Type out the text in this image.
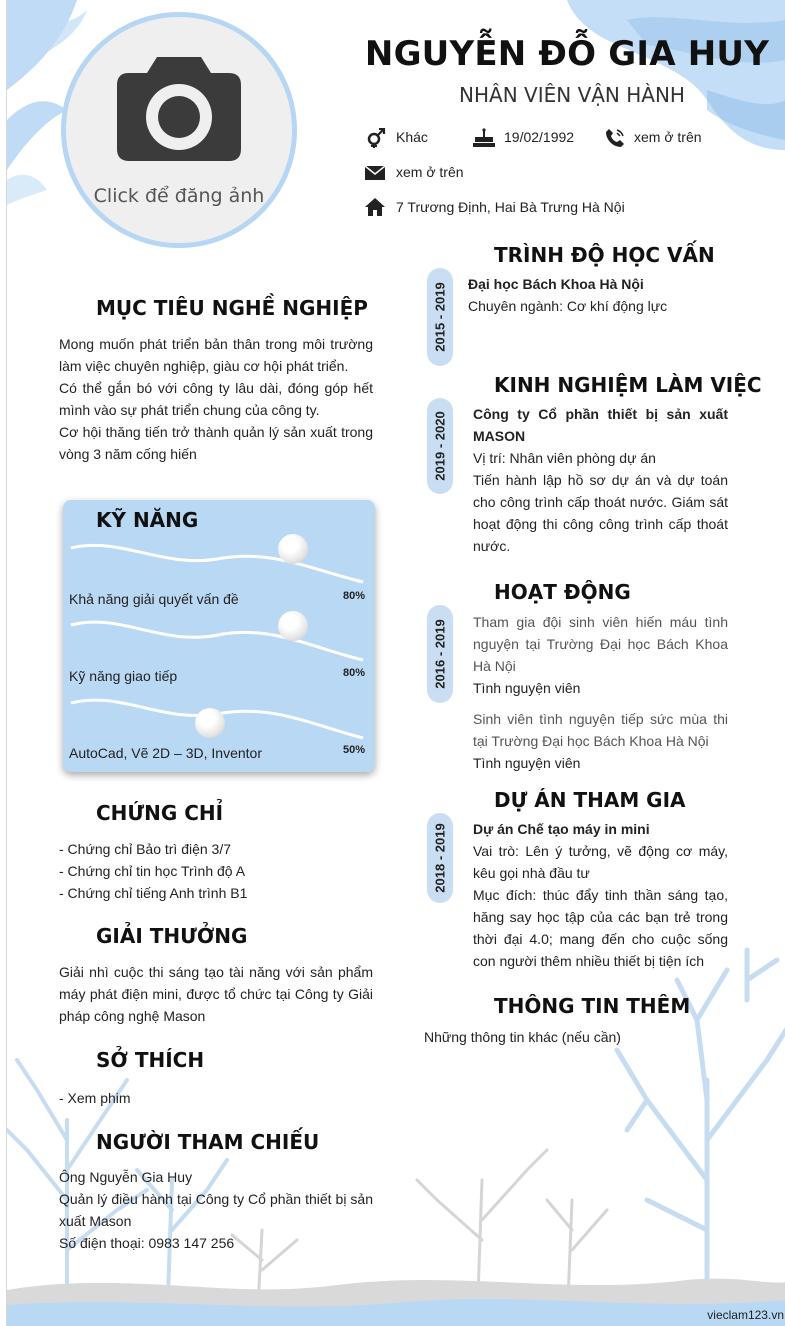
Click để đăng ảnh
NGUYỄN ĐỖ GIA HUY
NHÂN VIÊN VẬN HÀNH
Khác	19/02/1992	xem ở trên
xem ở trên
7 Trương Định, Hai Bà Trưng Hà Nội
MỤC TIÊU NGHỀ NGHIỆP
Mong muốn phát triển bản thân trong môi trường làm việc chuyên nghiệp, giàu cơ hội phát triển.
Có thể gắn bó với công ty lâu dài, đóng góp hết mình vào sự phát triển chung của công ty.
Cơ hội thăng tiến trở thành quản lý sản xuất trong vòng 3 năm cống hiến
KỸ NĂNG
Khả năng giải quyết vấn đề	80%
Kỹ năng giao tiếp	80%
AutoCad, Vẽ 2D – 3D, Inventor	50%
CHỨNG CHỈ
- Chứng chỉ Bảo trì điện 3/7
- Chứng chỉ tin học Trình độ A
- Chứng chỉ tiếng Anh trình B1
GIẢI THƯỞNG
Giải nhì cuộc thi sáng tạo tài năng với sản phẩm máy phát điện mini, được tổ chức tại Công ty Giải pháp công nghệ Mason
SỞ THÍCH
- Xem phim
NGƯỜI THAM CHIẾU
Ông Nguyễn Gia Huy
Quản lý điều hành tại Công ty Cổ phần thiết bị sản xuất Mason
Số điện thoại: 0983 147 256
TRÌNH ĐỘ HỌC VẤN
2015 - 2019 Đại học Bách Khoa Hà Nội
Chuyên ngành: Cơ khí động lực
KINH NGHIỆM LÀM VIỆC
2019 - 2020 Công ty Cổ phần thiết bị sản xuất MASON
Vị trí: Nhân viên phòng dự án
Tiến hành lập hồ sơ dự án và dự toán cho công trình cấp thoát nước. Giám sát hoạt động thi công công trình cấp thoát nước.
HOẠT ĐỘNG
2016 - 2019 Tham gia đội sinh viên hiến máu tình nguyện tại Trường Đại học Bách Khoa Hà Nội
Tình nguyện viên
Sinh viên tình nguyện tiếp sức mùa thi tại Trường Đại học Bách Khoa Hà Nội
Tình nguyện viên
DỰ ÁN THAM GIA
2018 - 2019 Dự án Chế tạo máy in mini
Vai trò: Lên ý tưởng, vẽ động cơ máy, kêu gọi nhà đầu tư
Mục đích: thúc đẩy tinh thần sáng tạo, hăng say học tập của các bạn trẻ trong thời đại 4.0; mang đến cho cuộc sống con người thêm nhiều thiết bị tiện ích
THÔNG TIN THÊM
Những thông tin khác (nếu cần)
vieclam123.vn
